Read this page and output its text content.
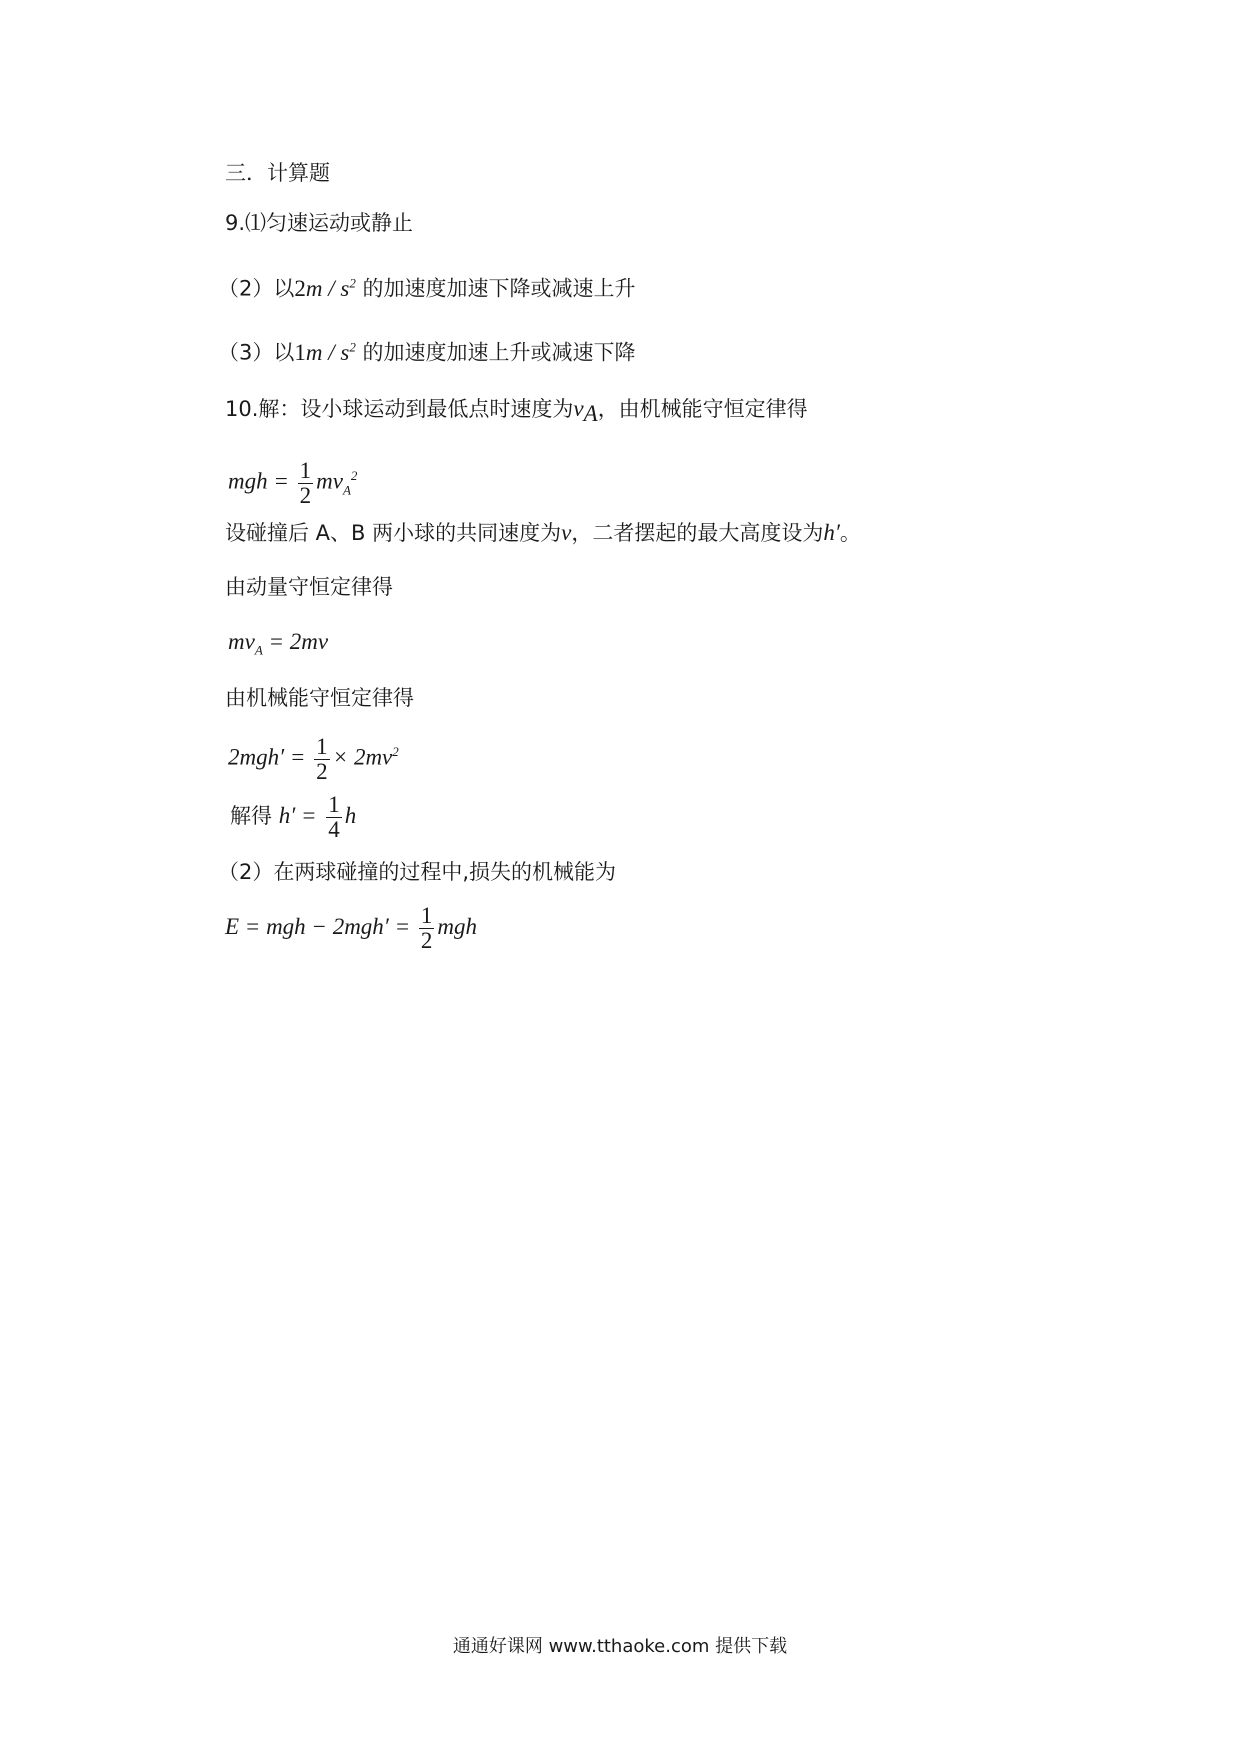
三．计算题
9.⑴匀速运动或静止
（2）以$2m / s^2$ 的加速度加速下降或减速上升
（3）以$1m / s^2$ 的加速度加速上升或减速下降
10.解：设小球运动到最低点时速度为$v_A$，由机械能守恒定律得
mgh = $\frac{1}{2} mv_A^2$
设碰撞后 A、B 两小球的共同速度为v，二者摆起的最大高度设为h′。
由动量守恒定律得
$mv_A = 2mv$
由机械能守恒定律得
$2mgh' = \frac{1}{2} \times 2mv^2$
解得 $h' = \frac{1}{4}$ h
（2）在两球碰撞的过程中,损失的机械能为
E = mgh − $2mgh' = \frac{1}{2}$ mgh
通通好课网 www.tthaoke.com 提供下载
